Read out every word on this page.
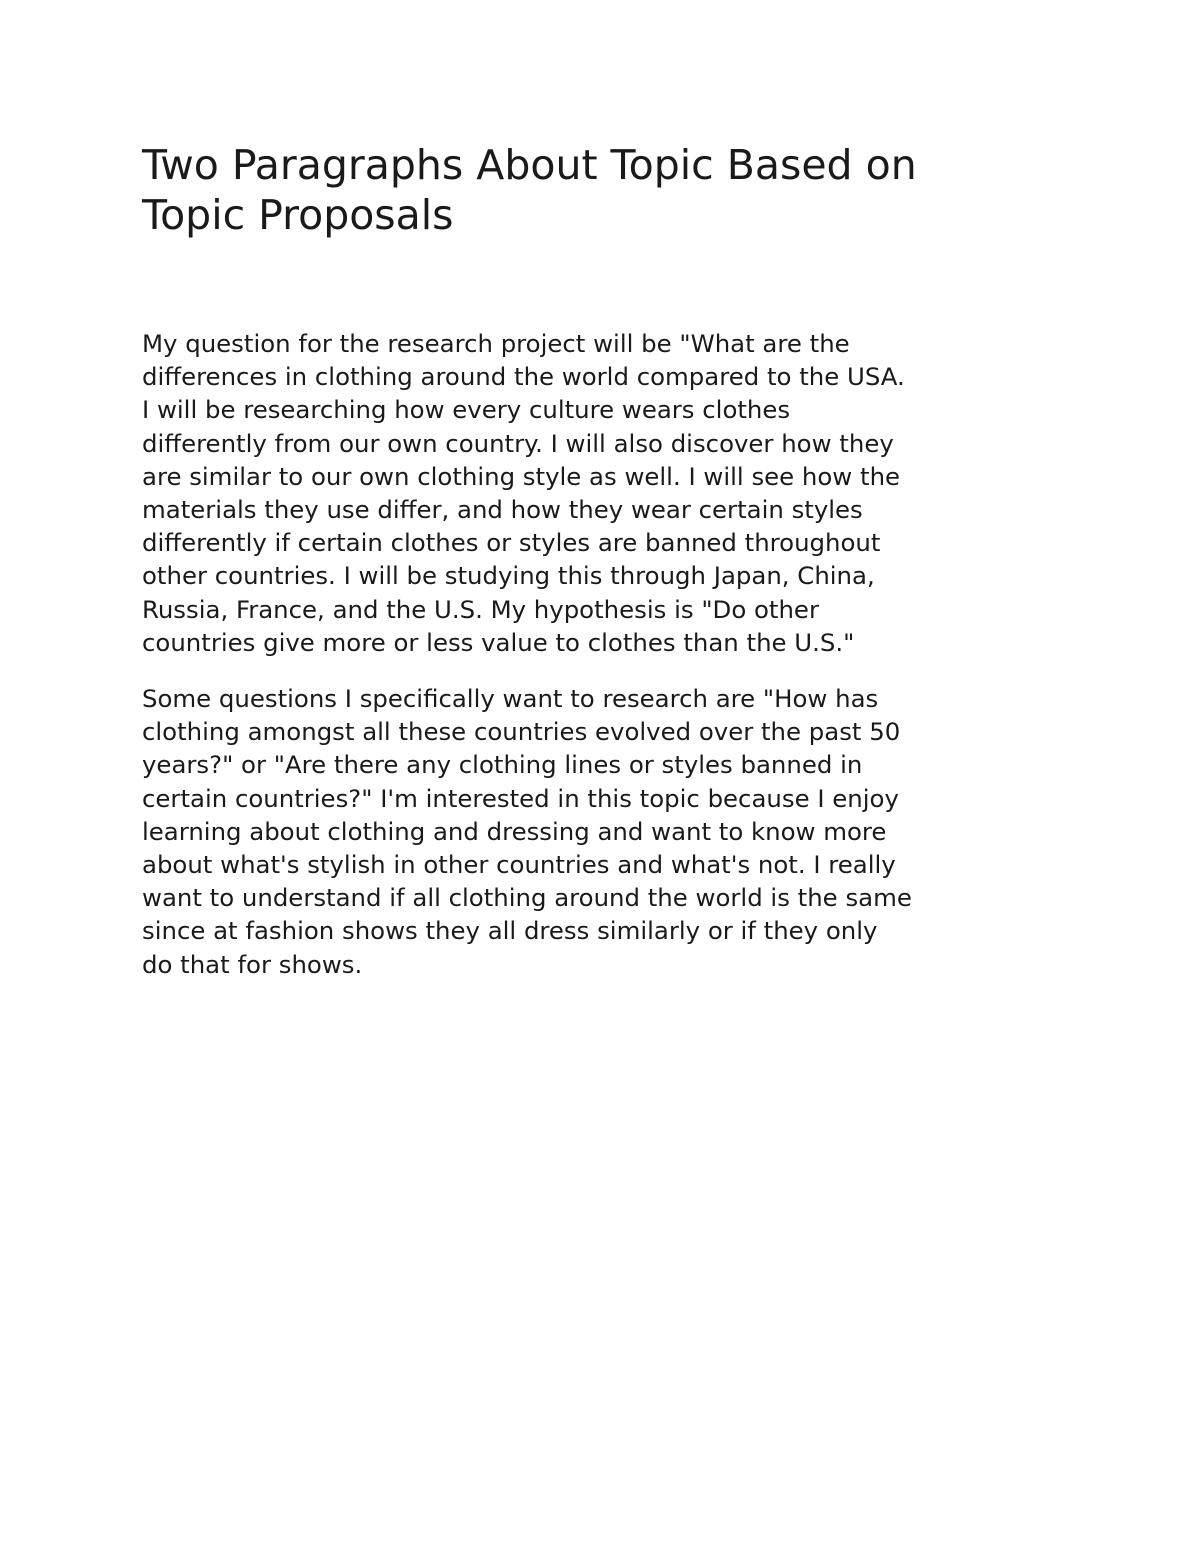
Two Paragraphs About Topic Based on
Topic Proposals

My question for the research project will be "What are the
differences in clothing around the world compared to the USA.
I will be researching how every culture wears clothes
differently from our own country. I will also discover how they
are similar to our own clothing style as well. I will see how the
materials they use differ, and how they wear certain styles
differently if certain clothes or styles are banned throughout
other countries. I will be studying this through Japan, China,
Russia, France, and the U.S. My hypothesis is "Do other
countries give more or less value to clothes than the U.S."

Some questions I specifically want to research are "How has
clothing amongst all these countries evolved over the past 50
years?" or "Are there any clothing lines or styles banned in
certain countries?" I'm interested in this topic because I enjoy
learning about clothing and dressing and want to know more
about what's stylish in other countries and what's not. I really
want to understand if all clothing around the world is the same
since at fashion shows they all dress similarly or if they only
do that for shows.
